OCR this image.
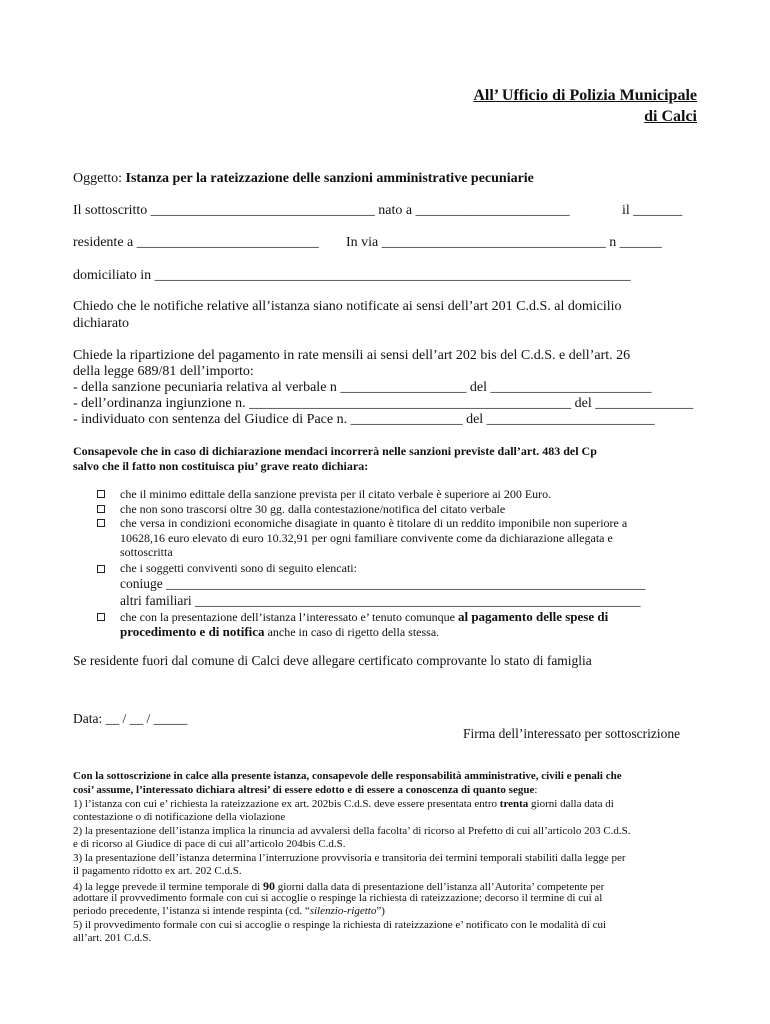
All’ Ufficio di Polizia Municipale
di Calci
Oggetto: Istanza per la rateizzazione delle sanzioni amministrative pecuniarie
Il sottoscritto ________________________________ nato a ______________________	il _______
residente a __________________________ In via ________________________________ n ______
domiciliato in ____________________________________________________________________
Chiedo che le notifiche relative all’istanza siano notificate ai sensi dell’art 201 C.d.S. al domicilio
dichiarato
Chiede la ripartizione del pagamento in rate mensili ai sensi dell’art 202 bis del C.d.S. e dell’art. 26
della legge 689/81 dell’importo:
- della sanzione pecuniaria relativa al verbale n __________________ del _______________________
- dell’ordinanza ingiunzione n. ______________________________________________ del ______________
- individuato con sentenza del Giudice di Pace n. ________________ del ________________________
Consapevole che in caso di dichiarazione mendaci incorrerà nelle sanzioni previste dall’art. 483 del Cp
salvo che il fatto non costituisca piu’ grave reato dichiara:
che il minimo edittale della sanzione prevista per il citato verbale è superiore ai 200 Euro.
che non sono trascorsi oltre 30 gg. dalla contestazione/notifica del citato verbale
che versa in condizioni economiche disagiate in quanto è titolare di un reddito imponibile non superiore a
10628,16 euro elevato di euro 10.32,91 per ogni familiare convivente come da dichiarazione allegata e
sottoscritta
che i soggetti conviventi sono di seguito elencati:
coniuge _______________________________________________________________________
altri familiari __________________________________________________________________
che con la presentazione dell’istanza l’interessato e’ tenuto comunque al pagamento delle spese di
procedimento e di notifica anche in caso di rigetto della stessa.
Se residente fuori dal comune di Calci deve allegare certificato comprovante lo stato di famiglia
Data: __ / __ / _____
Firma dell’interessato per sottoscrizione
Con la sottoscrizione in calce alla presente istanza, consapevole delle responsabilità amministrative, civili e penali che
cosi’ assume, l’interessato dichiara altresi’ di essere edotto e di essere a conoscenza di quanto segue:
1) l’istanza con cui e’ richiesta la rateizzazione ex art. 202bis C.d.S. deve essere presentata entro trenta giorni dalla data di
contestazione o di notificazione della violazione
2) la presentazione dell’istanza implica la rinuncia ad avvalersi della facolta’ di ricorso al Prefetto di cui all’articolo 203 C.d.S.
e di ricorso al Giudice di pace di cui all’articolo 204bis C.d.S.
3) la presentazione dell’istanza determina l’interruzione provvisoria e transitoria dei termini temporali stabiliti dalla legge per
il pagamento ridotto ex art. 202 C.d.S.
4) la legge prevede il termine temporale di 90 giorni dalla data di presentazione dell’istanza all’Autorita’ competente per
adottare il provvedimento formale con cui si accoglie o respinge la richiesta di rateizzazione; decorso il termine di cui al
periodo precedente, l’istanza si intende respinta (cd. “silenzio-rigetto”)
5) il provvedimento formale con cui si accoglie o respinge la richiesta di rateizzazione e’ notificato con le modalità di cui
all’art. 201 C.d.S.
